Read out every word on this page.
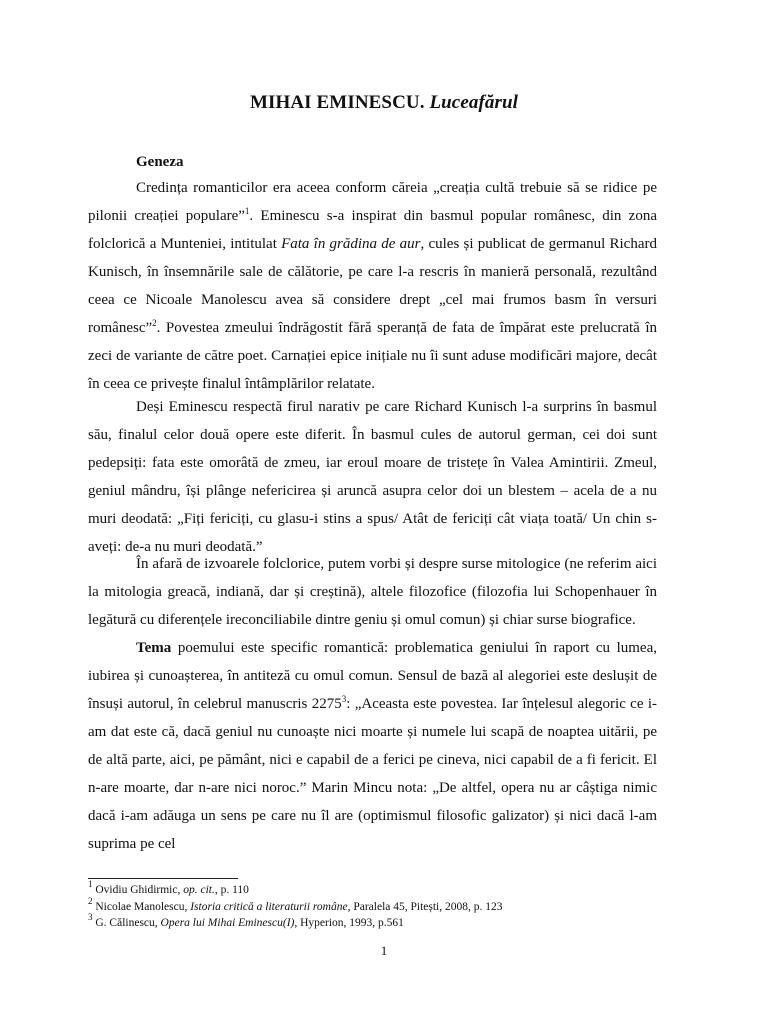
MIHAI EMINESCU. Luceafărul
Geneza

Credința romanticilor era aceea conform căreia „creația cultă trebuie să se ridice pe pilonii creației populare”$^1$. Eminescu s-a inspirat din basmul popular românesc, din zona folclorică a Munteniei, intitulat Fata în grădina de aur, cules și publicat de germanul Richard Kunisch, în însemnările sale de călătorie, pe care l-a rescris în manieră personală, rezultând ceea ce Nicoale Manolescu avea să considere drept „cel mai frumos basm în versuri românesc”$^2$. Povestea zmeului îndrăgostit fără speranță de fata de împărat este prelucrată în zeci de variante de către poet. Carnației epice inițiale nu îi sunt aduse modificări majore, decât în ceea ce privește finalul întâmplărilor relatate.

Deși Eminescu respectă firul narativ pe care Richard Kunisch l-a surprins în basmul său, finalul celor două opere este diferit. În basmul cules de autorul german, cei doi sunt pedepsiți: fata este omorâtă de zmeu, iar eroul moare de tristețe în Valea Amintirii. Zmeul, geniul mândru, își plânge nefericirea și aruncă asupra celor doi un blestem – acela de a nu muri deodată: „Fiți fericiți, cu glasu-i stins a spus/ Atât de fericiți cât viața toată/ Un chin s-aveți: de-a nu muri deodată.”

În afară de izvoarele folclorice, putem vorbi și despre surse mitologice (ne referim aici la mitologia greacă, indiană, dar și creștină), altele filozofice (filozofia lui Schopenhauer în legătură cu diferențele ireconciliabile dintre geniu și omul comun) și chiar surse biografice.

Tema poemului este specific romantică: problematica geniului în raport cu lumea, iubirea și cunoașterea, în antiteză cu omul comun. Sensul de bază al alegoriei este deslușit de însuși autorul, în celebrul manuscris 2275$^3$: „Aceasta este povestea. Iar înțelesul alegoric ce i-am dat este că, dacă geniul nu cunoaște nici moarte și numele lui scapă de noaptea uitării, pe de altă parte, aici, pe pământ, nici e capabil de a ferici pe cineva, nici capabil de a fi fericit. El n-are moarte, dar n-are nici noroc.” Marin Mincu nota: „De altfel, opera nu ar câștiga nimic dacă i-am adăuga un sens pe care nu îl are (optimismul filosofic galizator) și nici dacă l-am suprima pe cel

$^1$ Ovidiu Ghidirmic, op. cit., p. 110
$^2$ Nicolae Manolescu, Istoria critică a literaturii române, Paralela 45, Pitești, 2008, p. 123
$^3$ G. Călinescu, Opera lui Mihai Eminescu(I), Hyperion, 1993, p.561
1
